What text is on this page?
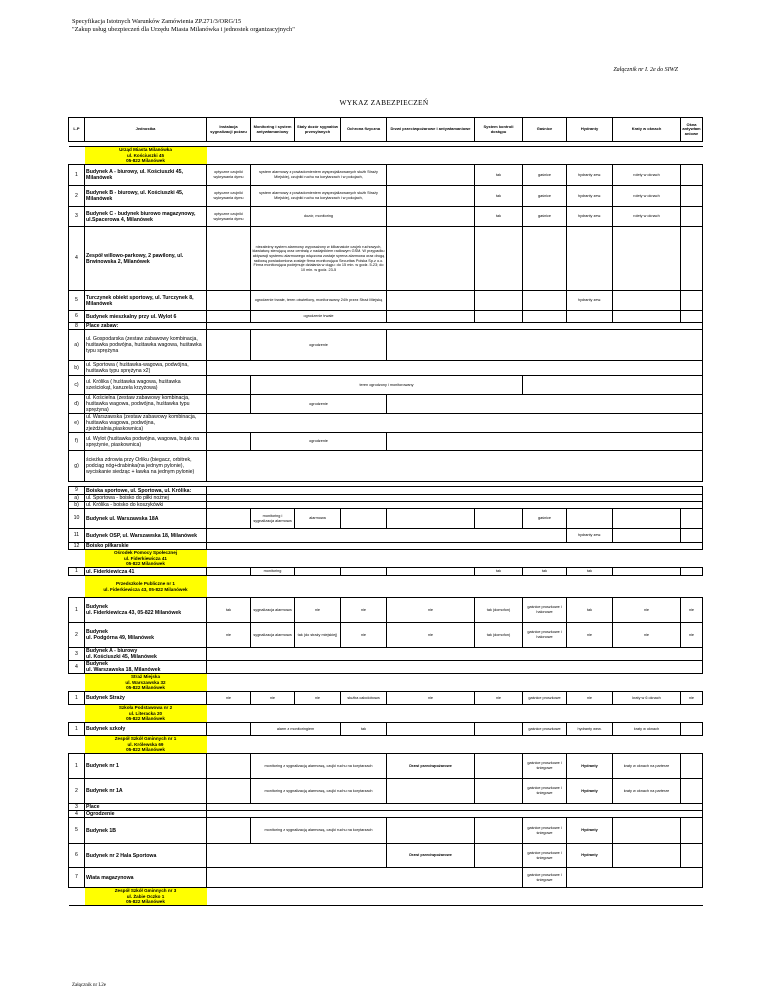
Specyfikacja Istotnych Warunków Zamówienia ZP.271/3/ORG/15
"Zakup usług ubezpieczeń dla Urzędu Miasta Milanówka i jednostek organizacyjnych"
Załącznik nr I. 2e do SIWZ
WYKAZ ZABEZPIECZEŃ
L.P	Jednostka	Instalacja sygnalizacji pożaru	Monitoring i system antywłamaniowy	Stały dozór sygnałów przesyłanych	Ochrona fizyczna	Drzwi przeciwpożarowe i antywłamaniowe	System kontroli dostępu	Gaśnice	Hydranty	Kraty w oknach	Okna antywłamaniowe

	Urząd Miasta Milanówka
ul. Kościuszki 45
05-822 Milanówek										
1	Budynek A - biurowy, ul. Kościuszki 45, Milanówek	optyczne czujniki wykrywania dymu	system alarmowy z powiadomieniem wyspecjalizowanych służb Straży Miejskiej, czujniki ruchu na korytarzach i w pokojach,				tak	gaśnice	hydranty zew.	rolety w oknach	
2	Budynek B - biurowy, ul. Kościuszki 45, Milanówek	optyczne czujniki wykrywania dymu	system alarmowy z powiadomieniem wyspecjalizowanych służb Straży Miejskiej, czujniki ruchu na korytarzach i w pokojach,				tak	gaśnice	hydranty zew.	rolety w oknach	
3	Budynek C - budynek biurowo magazynowy, ul.Spacerowa 4, Milanówek	optyczne czujniki wykrywania dymu	dozór, monitoring				tak	gaśnice	hydranty zew.	rolety w oknach	
4	Zespół willowo-parkowy, 2 pawilony, ul. Brwinowska 2, Milanówek		niezależny system alarmowy wyposażony w kilkanaście czujek ruchowych, klawiaturę sterującą oraz centralę z nadajnikiem radiowym GSM. W przypadku aktywacji systemu alarmowego włączona zostaje syrena alarmowa oraz drogą radiową powiadomiona zostaje firma monitorująca Securitas Polska Sp.z o.o. Firma monitorująca podejmuje działania w ciągu: do 15 min. w godz. 5-23; do 10 min. w godz. 23-5								
5	Turczynek obiekt sportowy, ul. Turczynek 8, Milanówek		ogrodzenie trwałe, teren oświetlony, monitorowany 24/h przez Straż Miejską						hydranty zew.		
6	Budynek mieszkalny przy ul. Wylot 6		ogrodzenie trwałe								
8	Place zabaw:										
a)	ul. Gospodarska (zestaw zabawowy kombinacja, huśtawka podwójna, huśtawka wagowa, huśtawka typu sprężyna		ogrodzenie								
b)	ul. Sportowa ( huśtawka-wagowa, podwójna, huśtawka typu sprężyna x2)										
c)	ul. Królika ( huśtawka wagowa, huśtawka sześciokąt, karuzela krzyżowa)		teren ogrodzony i monitorowany								
d)	ul. Kościelna (zestaw zabawowy kombinacja, huśtawka wagowa, podwójna, huśtawka typu sprężyna)		ogrodzenie								
e)	ul. Warszawska (zestaw zabawowy kombinacja, huśtawka wagowa, podwójna, zjeżdżalnia,piaskownica)										
f)	ul. Wylot (huśtawka podwójna, wagowa, bujak na sprężynie, piaskownica)		ogrodzenie								
g)	ścieżka zdrowia przy Orliku (biegacz, orbitrek, podciąg nóg+drabinka(na jednym pylonie), wyciskanie siedząc + ławka na jednym pylonie)										

9	Boiska sportowe, ul. Sportowa, ul. Królika:										
a)	ul. Sportowa - boisko do piłki nożnej										
b)	ul. Królika - boisko do koszykówki										
10	Budynek ul. Warszawska 18A		monitoring i sygnalizacja alarmowa	alarmowa				gaśnice			
11	Budynek OSP, ul. Warszawska 18, Milanówek								hydranty zew.		
12	Boisko piłkarskie										
	Ośrodek Pomocy Społecznej
ul. Fiderkiewicza 41
05-822 Milanówek										
1	ul. Fiderkiewicza 41		monitoring				tak	tak	tak		
	Przedszkole Publiczne nr 1
ul. Fiderkiewicza 43, 05-822 Milanówek										
1	Budynek
ul. Fiderkiewicza 43, 05-822 Milanówek	tak	sygnalizacja alarmowa	nie	nie	nie	tak (domofon)	gaśnice proszkowe i halonowe	tak	nie	nie
2	Budynek
ul. Podgórna 49, Milanówek	nie	sygnalizacja alarmowa	tak (do straży miejskiej)	nie	nie	tak (domofon)	gaśnice proszkowe i halonowe	nie	nie	nie
3	Budynek A - biurowy
ul. Kościuszki 45, Milanówek										
4	Budynek
ul. Warszawska 18, Milanówek										
	Straż Miejska
ul. Warszawska 32
05-822 Milanówek										
1	Budynek Straży	nie	nie	nie	służba całodobowa	nie	nie	gaśnice proszkowe	nie	kraty w 6 oknach	nie
	Szkoła Podstawowa nr 2
ul. Literacka 20
05-822 Milanówek										
1	Budynek szkoły		alarm z monitoringiem		tak			gaśnice proszkowe	hydranty wew.	kraty w oknach	
	Zespół Szkół Gminnych nr 1
ul. Królewska 69
05-822 Milanówek										
1	Budynek nr 1		monitoring z sygnalizacją alarmową, czujki ruchu na korytarzach			Drzwi przeciwpożarowe		gaśnice proszkowe i śniegowe	Hydranty	kraty w oknach na parterze	
2	Budynek nr 1A		monitoring z sygnalizacją alarmową, czujki ruchu na korytarzach					gaśnice proszkowe i śniegowe	Hydranty	kraty w oknach na parterze	
3	Place										
4	Ogrodzenie										
5	Budynek 1B		monitoring z sygnalizacją alarmową, czujki ruchu na korytarzach					gaśnice proszkowe i śniegowe	Hydranty		
6	Budynek nr 2 Hala Sportowa					Drzwi przeciwpożarowe		gaśnice proszkowe i śniegowe	Hydranty		
7	Wiata magazynowa							gaśnice proszkowe i śniegowe			
	Zespół Szkół Gminnych nr 3
ul. Żabie Oczko 1
05-822 Milanówek										
Załącznik nr I.2e
